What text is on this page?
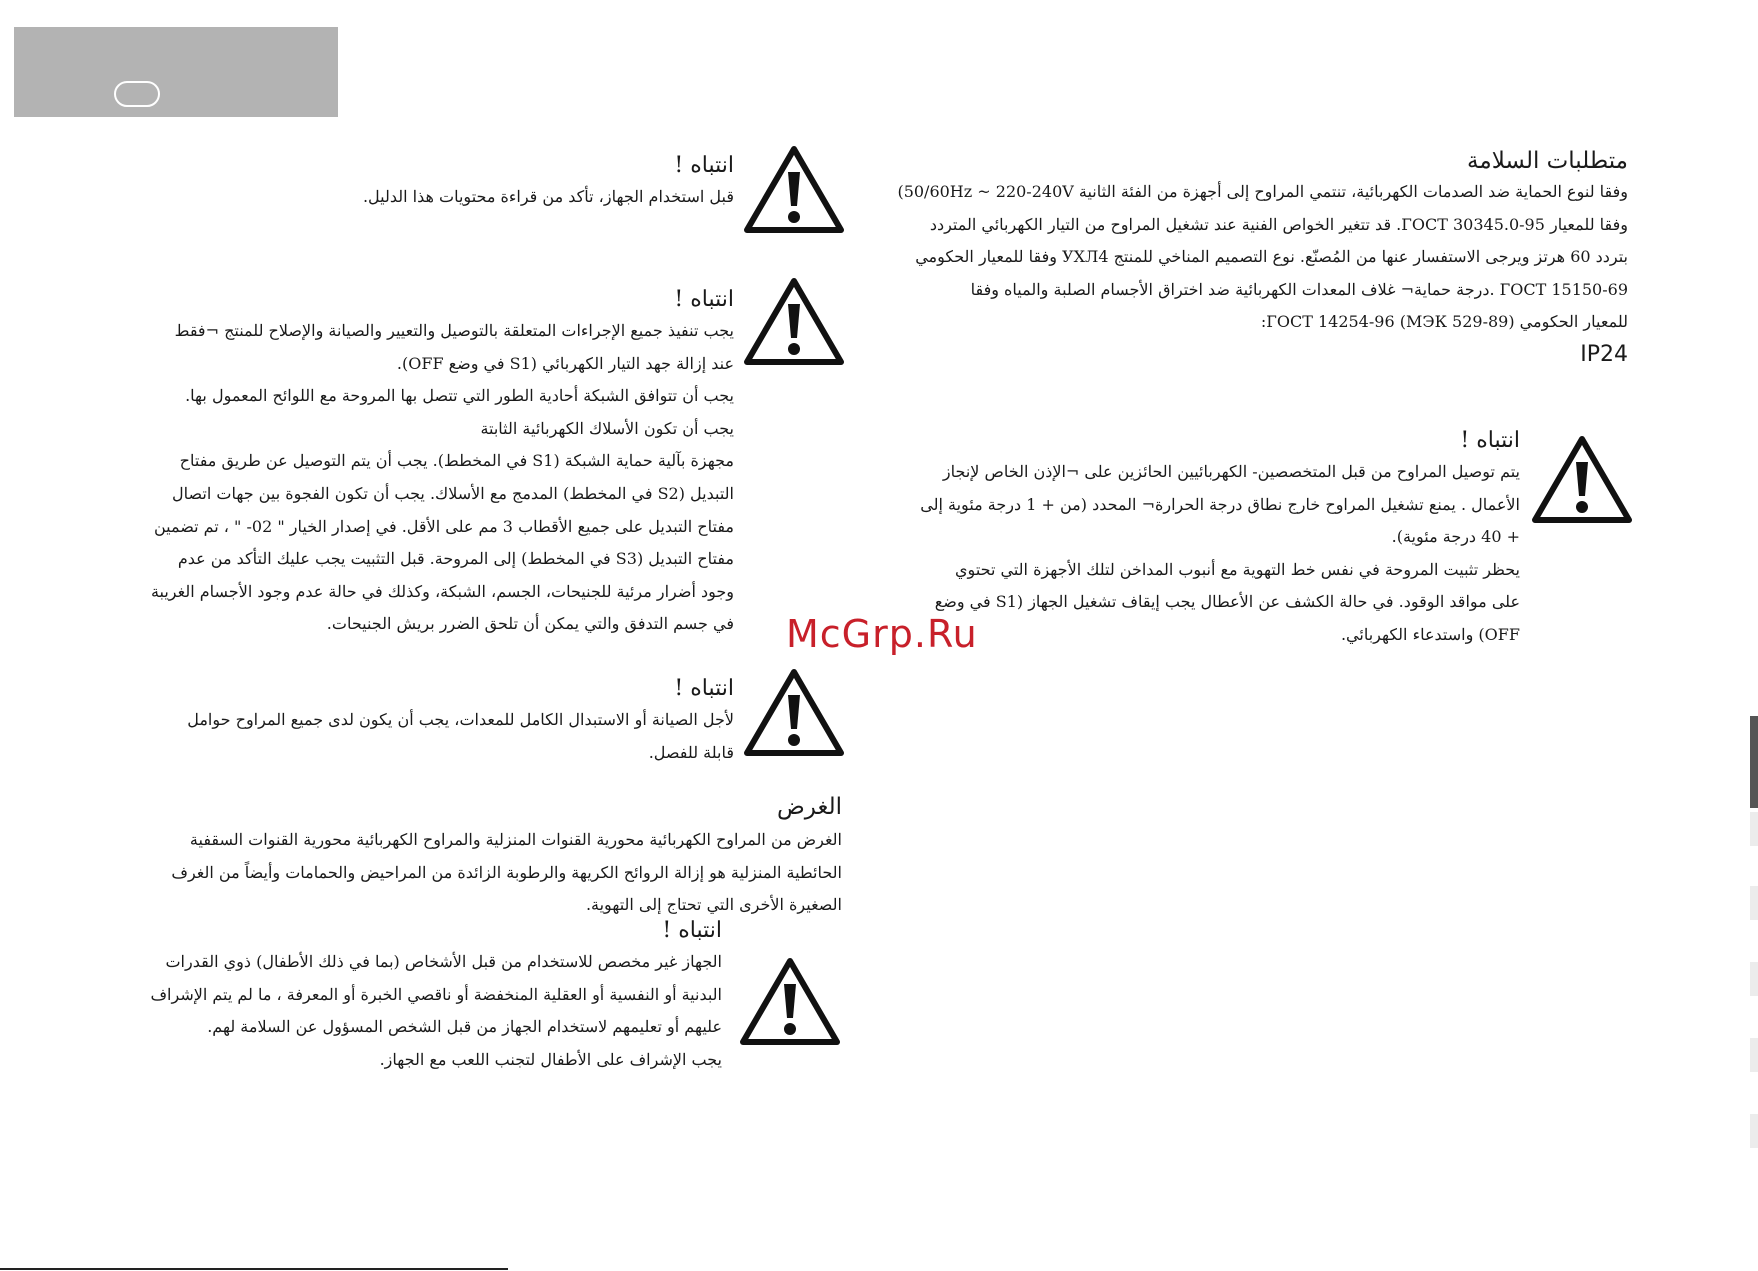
متطلبات السلامة

وفقا لنوع الحماية ضد الصدمات الكهربائية، تنتمي المراوح إلى أجهزة من الفئة الثانية 50/60Hz ~ 220-240V)

وفقا للمعيار ГОСТ 30345.0-95. قد تتغير الخواص الفنية عند تشغيل المراوح من التيار الكهربائي المتردد

بتردد 60 هرتز ويرجى الاستفسار عنها من المُصنّع. نوع التصميم المناخي للمنتج УХЛ4 وفقا للمعيار الحكومي

ГОСТ 15150-69 .درجة حماية¬ غلاف المعدات الكهربائية ضد اختراق الأجسام الصلبة والمياه وفقا

للمعيار الحكومي ГОСТ 14254-96 (МЭК 529-89):

IP24

انتباه !

يتم توصيل المراوح من قبل المتخصصين- الكهربائيين الحائزين على ¬الإذن الخاص لإنجاز

الأعمال . يمنع تشغيل المراوح خارج نطاق درجة الحرارة¬ المحدد (من + 1 درجة مئوية إلى

+ 40 درجة مئوية).

يحظر تثبيت المروحة في نفس خط التهوية مع أنبوب المداخن لتلك الأجهزة التي تحتوي

على مواقد الوقود. في حالة الكشف عن الأعطال يجب إيقاف تشغيل الجهاز (S1 في وضع

OFF) واستدعاء الكهربائي.

انتباه !

قبل استخدام الجهاز، تأكد من قراءة محتويات هذا الدليل.

انتباه !

يجب تنفيذ جميع الإجراءات المتعلقة بالتوصيل والتعيير والصيانة والإصلاح للمنتج ¬فقط

عند إزالة جهد التيار الكهربائي (S1 في وضع OFF).

يجب أن تتوافق الشبكة أحادية الطور التي تتصل بها المروحة مع اللوائح المعمول بها.

يجب أن تكون الأسلاك الكهربائية الثابتة

مجهزة بآلية حماية الشبكة (S1 في المخطط). يجب أن يتم التوصيل عن طريق مفتاح

التبديل (S2 في المخطط) المدمج مع الأسلاك. يجب أن تكون الفجوة بين جهات اتصال

مفتاح التبديل على جميع الأقطاب 3 مم على الأقل. في إصدار الخيار " 02- " ، تم تضمين

مفتاح التبديل (S3 في المخطط) إلى المروحة. قبل التثبيت يجب عليك التأكد من عدم

وجود أضرار مرئية للجنيحات، الجسم، الشبكة، وكذلك في حالة عدم وجود الأجسام الغريبة

في جسم التدفق والتي يمكن أن تلحق الضرر بريش الجنيحات.

انتباه !

لأجل الصيانة أو الاستبدال الكامل للمعدات، يجب أن يكون لدى جميع المراوح حوامل

قابلة للفصل.

الغرض

الغرض من المراوح الكهربائية محورية القنوات المنزلية والمراوح الكهربائية محورية القنوات السقفية

الحائطية المنزلية هو إزالة الروائح الكريهة والرطوبة الزائدة من المراحيض والحمامات وأيضاً من الغرف

الصغيرة الأخرى التي تحتاج إلى التهوية.

انتباه !

الجهاز غير مخصص للاستخدام من قبل الأشخاص (بما في ذلك الأطفال) ذوي القدرات

البدنية أو النفسية أو العقلية المنخفضة أو ناقصي الخبرة أو المعرفة ، ما لم يتم الإشراف

عليهم أو تعليمهم لاستخدام الجهاز من قبل الشخص المسؤول عن السلامة لهم.

يجب الإشراف على الأطفال لتجنب اللعب مع الجهاز.

McGrp.Ru
